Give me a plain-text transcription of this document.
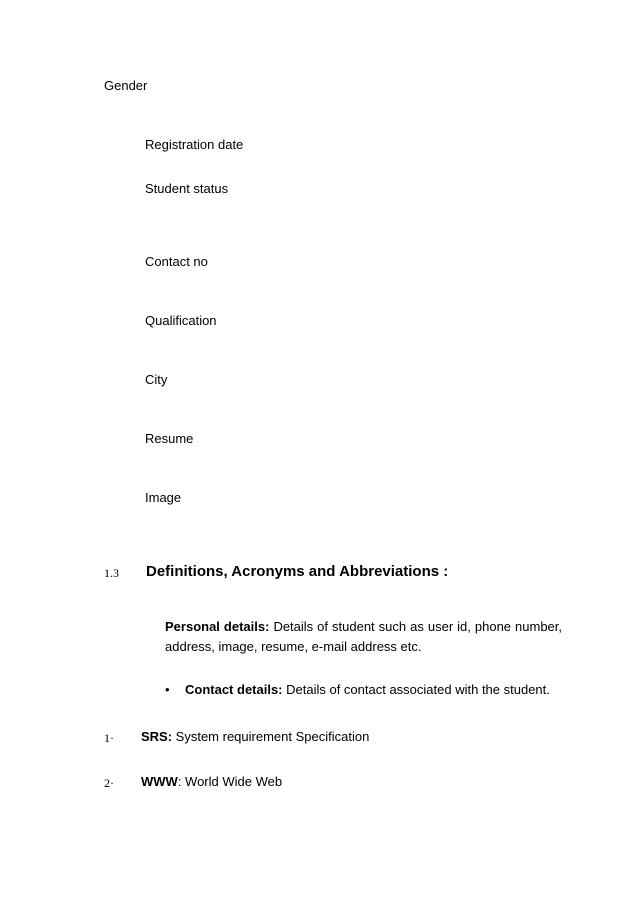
Gender
Registration date
Student status
Contact no
Qualification
City
Resume
Image
1.3 Definitions, Acronyms and Abbreviations :
Personal details: Details of student such as user id, phone number, address, image, resume, e-mail address etc.
• Contact details: Details of contact associated with the student.
1· SRS: System requirement Specification
2· WWW: World Wide Web
